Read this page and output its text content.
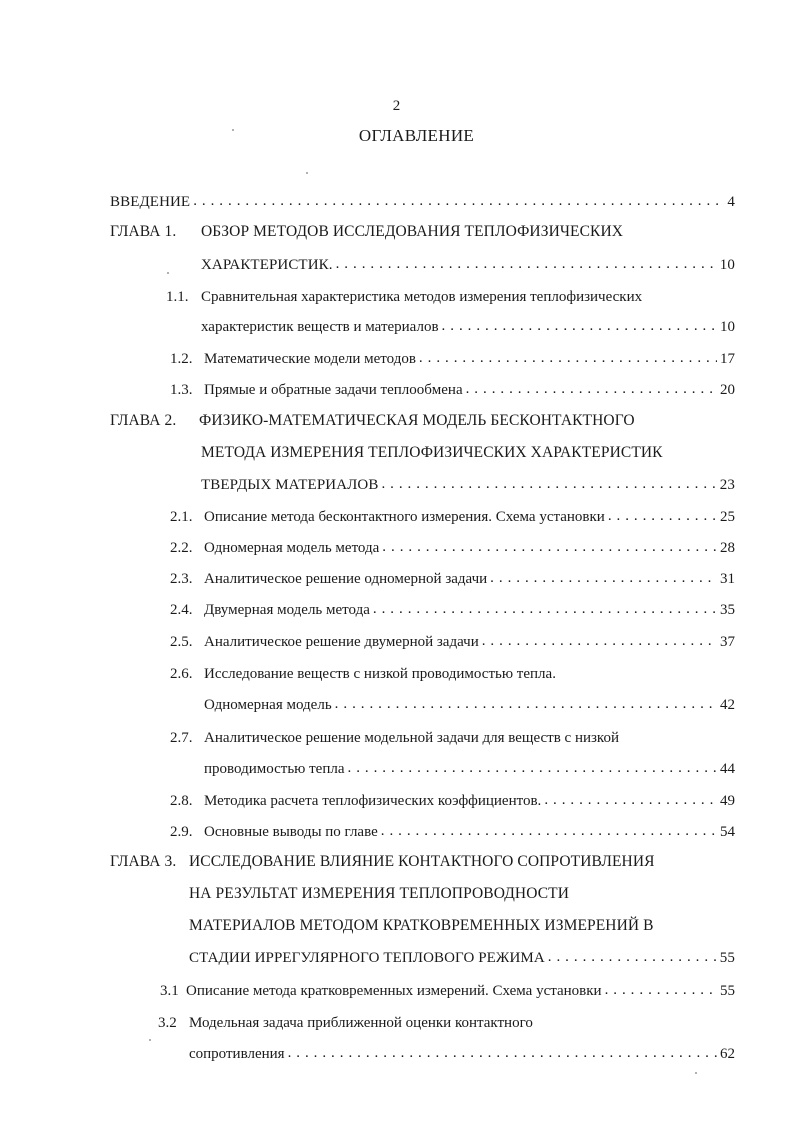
2
ОГЛАВЛЕНИЕ
ВВЕДЕНИЕ . . .	4
ГЛАВА 1. ОБЗОР МЕТОДОВ ИССЛЕДОВАНИЯ ТЕПЛОФИЗИЧЕСКИХ
ХАРАКТЕРИСТИК. . . .	10
1.1. Сравнительная характеристика методов измерения теплофизических
характеристик веществ и материалов . . .	10
1.2. Математические модели методов . . .	17
1.3. Прямые и обратные задачи теплообмена . . .	20
ГЛАВА 2. ФИЗИКО-МАТЕМАТИЧЕСКАЯ МОДЕЛЬ БЕСКОНТАКТНОГО
МЕТОДА ИЗМЕРЕНИЯ ТЕПЛОФИЗИЧЕСКИХ ХАРАКТЕРИСТИК
ТВЕРДЫХ МАТЕРИАЛОВ . . .	23
2.1. Описание метода бесконтактного измерения. Схема установки . . .	25
2.2. Одномерная модель метода . . .	28
2.3. Аналитическое решение одномерной задачи . . .	31
2.4. Двумерная модель метода . . .	35
2.5. Аналитическое решение двумерной задачи . . .	37
2.6. Исследование веществ с низкой проводимостью тепла.
Одномерная модель . . .	42
2.7. Аналитическое решение модельной задачи для веществ с низкой
проводимостью тепла . . .	44
2.8. Методика расчета теплофизических коэффициентов. . . .	49
2.9. Основные выводы по главе . . .	54
ГЛАВА 3. ИССЛЕДОВАНИЕ ВЛИЯНИЕ КОНТАКТНОГО СОПРОТИВЛЕНИЯ
НА РЕЗУЛЬТАТ ИЗМЕРЕНИЯ ТЕПЛОПРОВОДНОСТИ
МАТЕРИАЛОВ МЕТОДОМ КРАТКОВРЕМЕННЫХ ИЗМЕРЕНИЙ В
СТАДИИ ИРРЕГУЛЯРНОГО ТЕПЛОВОГО РЕЖИМА . . .	55
3.1 Описание метода кратковременных измерений. Схема установки . . .	55
3.2 Модельная задача приближенной оценки контактного
сопротивления . . .	62
